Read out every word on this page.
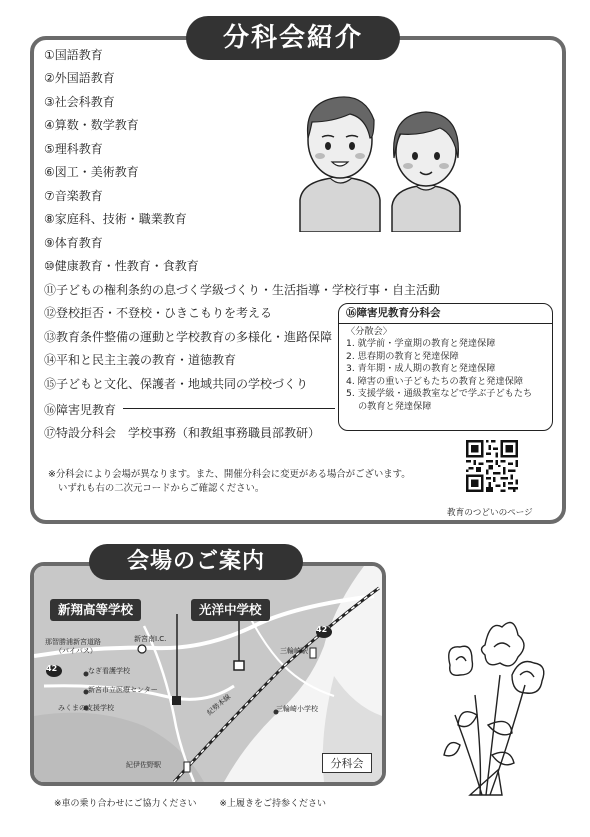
分科会紹介
①国語教育
②外国語教育
③社会科教育
④算数・数学教育
⑤理科教育
⑥図工・美術教育
⑦音楽教育
⑧家庭科、技術・職業教育
⑨体育教育
⑩健康教育・性教育・食教育
⑪子どもの権利条約の息づく学級づくり・生活指導・学校行事・自主活動
⑫登校拒否・不登校・ひきこもりを考える
⑬教育条件整備の運動と学校教育の多様化・進路保障
⑭平和と民主主義の教育・道徳教育
⑮子どもと文化、保護者・地域共同の学校づくり
⑯障害児教育
⑰特設分科会　学校事務（和教組事務職員部教研）
⑯障害児教育分科会
〈分散会〉
1. 就学前・学童期の教育と発達保障
2. 思春期の教育と発達保障
3. 青年期・成人期の教育と発達保障
4. 障害の重い子どもたちの教育と発達保障
5. 支援学級・通級教室などで学ぶ子どもたち
の教育と発達保障
※分科会により会場が異なります。また、開催分科会に変更がある場合がございます。
いずれも右の二次元コードからご確認ください。
教育のつどいのページ
会場のご案内
新翔高等学校	光洋中学校
那智勝浦新宮道路
（バイパス）
新宮南I.C.
三輪崎駅
なぎ看護学校
新宮市立医療センター
みくまの支援学校	紀勢本線	三輪崎小学校
紀伊佐野駅
42
42
分科会
※車の乗り合わせにご協力ください	※上履きをご持参ください
